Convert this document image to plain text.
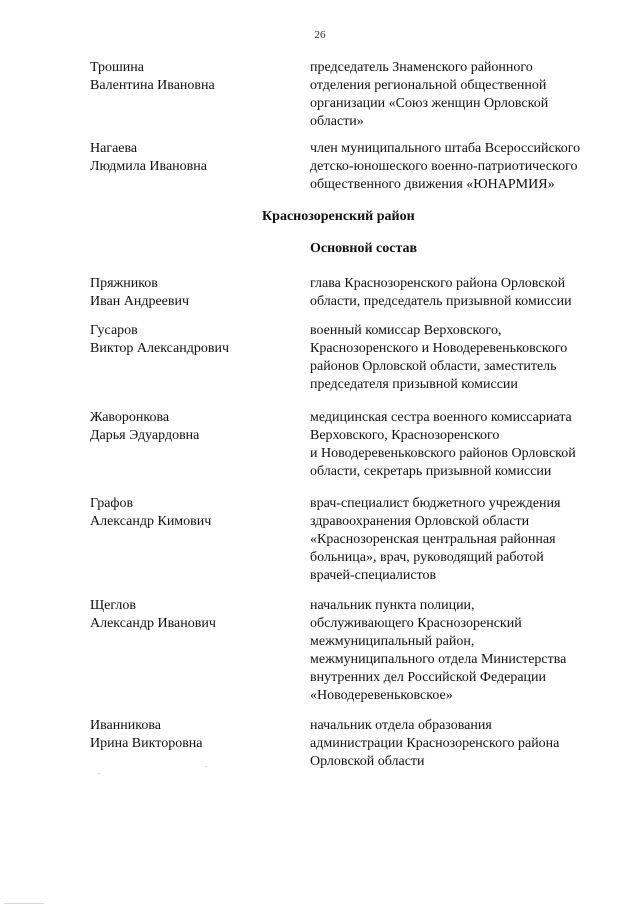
26
Трошина
Валентина Ивановна
председатель Знаменского районного
отделения региональной общественной
организации «Союз женщин Орловской
области»
Нагаева
Людмила Ивановна
член муниципального штаба Всероссийского
детско-юношеского военно-патриотического
общественного движения «ЮНАРМИЯ»
Краснозоренский район
Основной состав
Пряжников
Иван Андреевич
глава Краснозоренского района Орловской
области, председатель призывной комиссии
Гусаров
Виктор Александрович
военный комиссар Верховского,
Краснозоренского и Новодеревеньковского
районов Орловской области, заместитель
председателя призывной комиссии
Жаворонкова
Дарья Эдуардовна
медицинская сестра военного комиссариата
Верховского, Краснозоренского
и Новодеревеньковского районов Орловской
области, секретарь призывной комиссии
Графов
Александр Кимович
врач-специалист бюджетного учреждения
здравоохранения Орловской области
«Краснозоренская центральная районная
больница», врач, руководящий работой
врачей-специалистов
Щеглов
Александр Иванович
начальник пункта полиции,
обслуживающего Краснозоренский
межмуниципальный район,
межмуниципального отдела Министерства
внутренних дел Российской Федерации
«Новодеревеньковское»
Иванникова
Ирина Викторовна
начальник отдела образования
администрации Краснозоренского района
Орловской области
